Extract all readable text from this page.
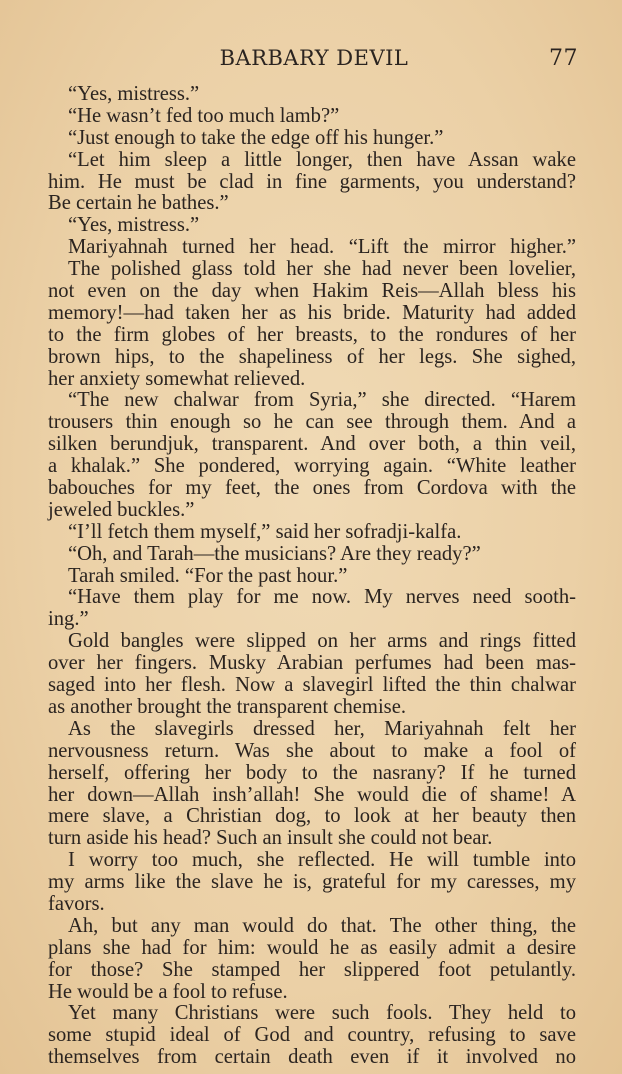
BARBARY DEVIL	77
“Yes, mistress.”
“He wasn’t fed too much lamb?”
“Just enough to take the edge off his hunger.”
“Let him sleep a little longer, then have Assan wake
him. He must be clad in fine garments, you understand?
Be certain he bathes.”
“Yes, mistress.”
Mariyahnah turned her head. “Lift the mirror higher.”
The polished glass told her she had never been lovelier,
not even on the day when Hakim Reis—Allah bless his
memory!—had taken her as his bride. Maturity had added
to the firm globes of her breasts, to the rondures of her
brown hips, to the shapeliness of her legs. She sighed,
her anxiety somewhat relieved.
“The new chalwar from Syria,” she directed. “Harem
trousers thin enough so he can see through them. And a
silken berundjuk, transparent. And over both, a thin veil,
a khalak.” She pondered, worrying again. “White leather
babouches for my feet, the ones from Cordova with the
jeweled buckles.”
“I’ll fetch them myself,” said her sofradji-kalfa.
“Oh, and Tarah—the musicians? Are they ready?”
Tarah smiled. “For the past hour.”
“Have them play for me now. My nerves need sooth-
ing.”
Gold bangles were slipped on her arms and rings fitted
over her fingers. Musky Arabian perfumes had been mas-
saged into her flesh. Now a slavegirl lifted the thin chalwar
as another brought the transparent chemise.
As the slavegirls dressed her, Mariyahnah felt her
nervousness return. Was she about to make a fool of
herself, offering her body to the nasrany? If he turned
her down—Allah insh’allah! She would die of shame! A
mere slave, a Christian dog, to look at her beauty then
turn aside his head? Such an insult she could not bear.
I worry too much, she reflected. He will tumble into
my arms like the slave he is, grateful for my caresses, my
favors.
Ah, but any man would do that. The other thing, the
plans she had for him: would he as easily admit a desire
for those? She stamped her slippered foot petulantly.
He would be a fool to refuse.
Yet many Christians were such fools. They held to
some stupid ideal of God and country, refusing to save
themselves from certain death even if it involved no
